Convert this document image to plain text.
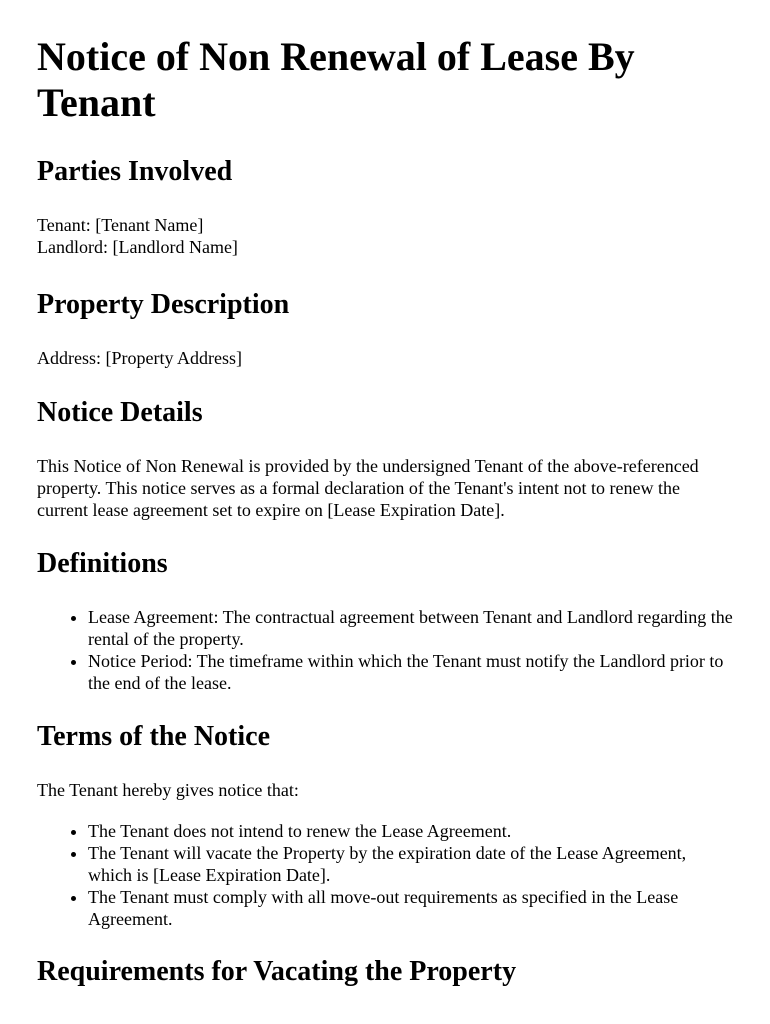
Notice of Non Renewal of Lease By Tenant
Parties Involved

Tenant: [Tenant Name]
Landlord: [Landlord Name]

Property Description

Address: [Property Address]

Notice Details

This Notice of Non Renewal is provided by the undersigned Tenant of the above-referenced property. This notice serves as a formal declaration of the Tenant's intent not to renew the current lease agreement set to expire on [Lease Expiration Date].

Definitions
• Lease Agreement: The contractual agreement between Tenant and Landlord regarding the rental of the property.
• Notice Period: The timeframe within which the Tenant must notify the Landlord prior to the end of the lease.
Terms of the Notice

The Tenant hereby gives notice that:

• The Tenant does not intend to renew the Lease Agreement.
• The Tenant will vacate the Property by the expiration date of the Lease Agreement, which is [Lease Expiration Date].
• The Tenant must comply with all move-out requirements as specified in the Lease Agreement.
Requirements for Vacating the Property
